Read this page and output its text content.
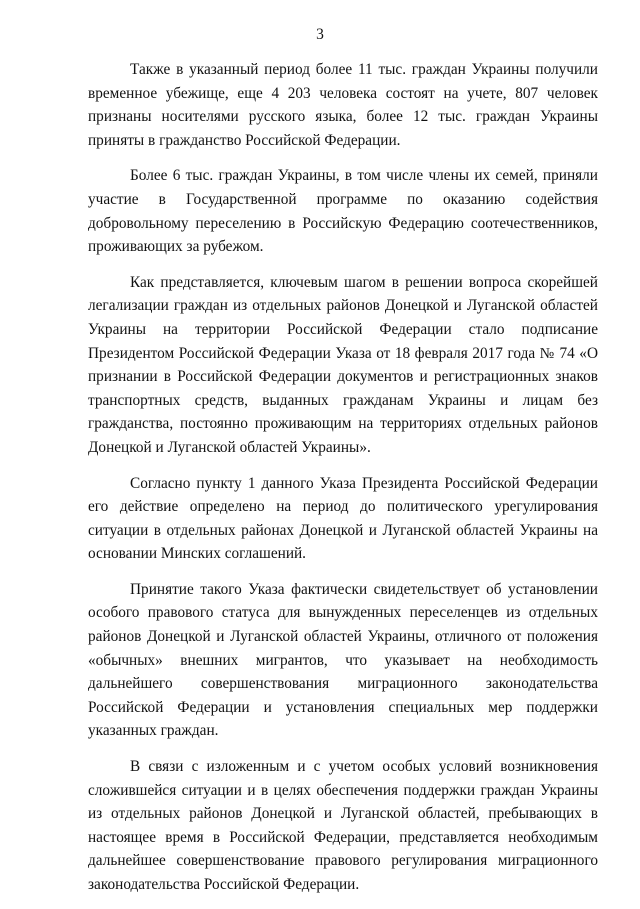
3

Также в указанный период более 11 тыс. граждан Украины получили временное убежище, еще 4 203 человека состоят на учете, 807 человек признаны носителями русского языка, более 12 тыс. граждан Украины приняты в гражданство Российской Федерации.

Более 6 тыс. граждан Украины, в том числе члены их семей, приняли участие в Государственной программе по оказанию содействия добровольному переселению в Российскую Федерацию соотечественников, проживающих за рубежом.

Как представляется, ключевым шагом в решении вопроса скорейшей легализации граждан из отдельных районов Донецкой и Луганской областей Украины на территории Российской Федерации стало подписание Президентом Российской Федерации Указа от 18 февраля 2017 года № 74 «О признании в Российской Федерации документов и регистрационных знаков транспортных средств, выданных гражданам Украины и лицам без гражданства, постоянно проживающим на территориях отдельных районов Донецкой и Луганской областей Украины».

Согласно пункту 1 данного Указа Президента Российской Федерации его действие определено на период до политического урегулирования ситуации в отдельных районах Донецкой и Луганской областей Украины на основании Минских соглашений.

Принятие такого Указа фактически свидетельствует об установлении особого правового статуса для вынужденных переселенцев из отдельных районов Донецкой и Луганской областей Украины, отличного от положения «обычных» внешних мигрантов, что указывает на необходимость дальнейшего совершенствования миграционного законодательства Российской Федерации и установления специальных мер поддержки указанных граждан.

В связи с изложенным и с учетом особых условий возникновения сложившейся ситуации и в целях обеспечения поддержки граждан Украины из отдельных районов Донецкой и Луганской областей, пребывающих в настоящее время в Российской Федерации, представляется необходимым дальнейшее совершенствование правового регулирования миграционного законодательства Российской Федерации.
